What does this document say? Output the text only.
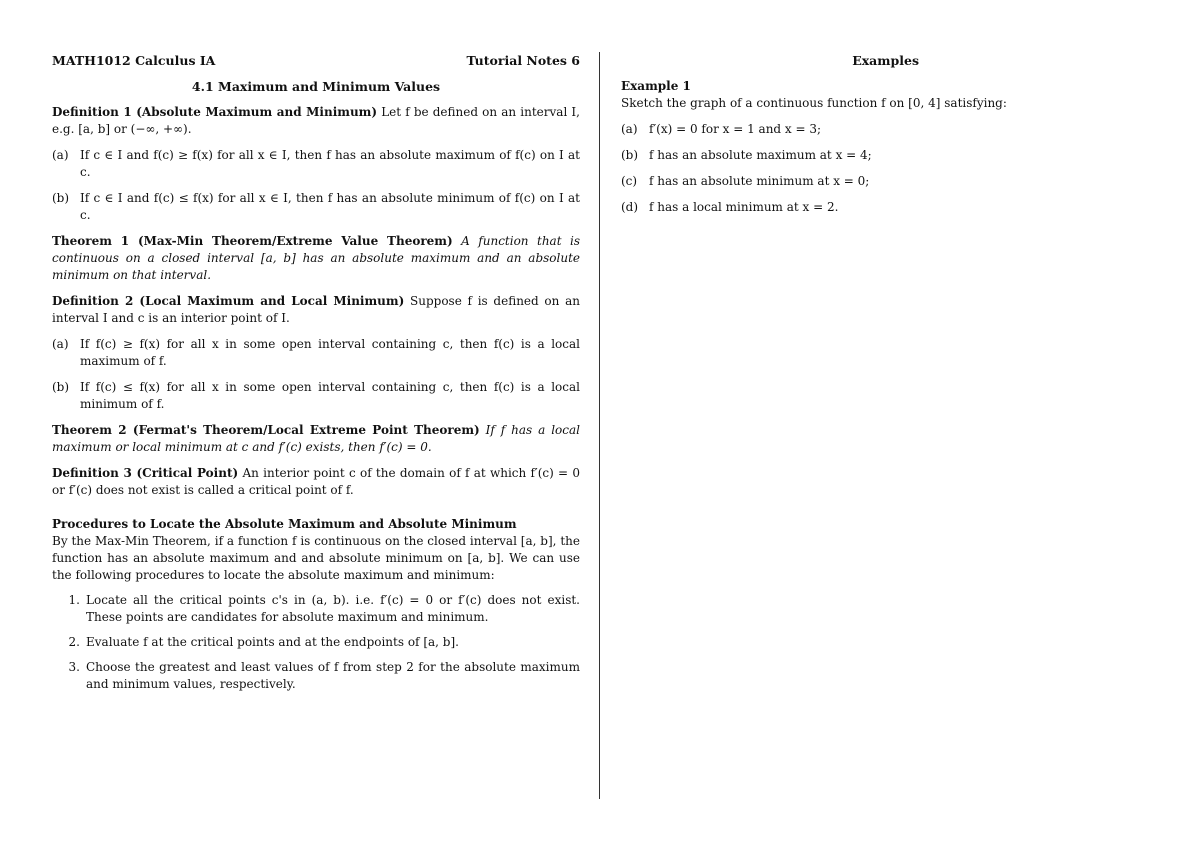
MATH1012 Calculus IA	Tutorial Notes 6
4.1 Maximum and Minimum Values
Definition 1 (Absolute Maximum and Minimum) Let f be defined on an interval I, e.g. [a, b] or (−∞, +∞).
(a) If c ∈ I and f(c) ≥ f(x) for all x ∈ I, then f has an absolute maximum of f(c) on I at c.
(b) If c ∈ I and f(c) ≤ f(x) for all x ∈ I, then f has an absolute minimum of f(c) on I at c.
Theorem 1 (Max-Min Theorem/Extreme Value Theorem) A function that is continuous on a closed interval [a, b] has an absolute maximum and an absolute minimum on that interval.
Definition 2 (Local Maximum and Local Minimum) Suppose f is defined on an interval I and c is an interior point of I.
(a) If f(c) ≥ f(x) for all x in some open interval containing c, then f(c) is a local maximum of f.
(b) If f(c) ≤ f(x) for all x in some open interval containing c, then f(c) is a local minimum of f.
Theorem 2 (Fermat's Theorem/Local Extreme Point Theorem) If f has a local maximum or local minimum at c and f′(c) exists, then f′(c) = 0.
Definition 3 (Critical Point) An interior point c of the domain of f at which f′(c) = 0 or f′(c) does not exist is called a critical point of f.
Procedures to Locate the Absolute Maximum and Absolute Minimum
By the Max-Min Theorem, if a function f is continuous on the closed interval [a, b], the function has an absolute maximum and and absolute minimum on [a, b]. We can use the following procedures to locate the absolute maximum and minimum:
1. Locate all the critical points c's in (a, b). i.e. f′(c) = 0 or f′(c) does not exist. These points are candidates for absolute maximum and minimum.
2. Evaluate f at the critical points and at the endpoints of [a, b].
3. Choose the greatest and least values of f from step 2 for the absolute maximum and minimum values, respectively.
Examples
Example 1
Sketch the graph of a continuous function f on [0, 4] satisfying:
(a) f′(x) = 0 for x = 1 and x = 3;
(b) f has an absolute maximum at x = 4;
(c) f has an absolute minimum at x = 0;
(d) f has a local minimum at x = 2.
